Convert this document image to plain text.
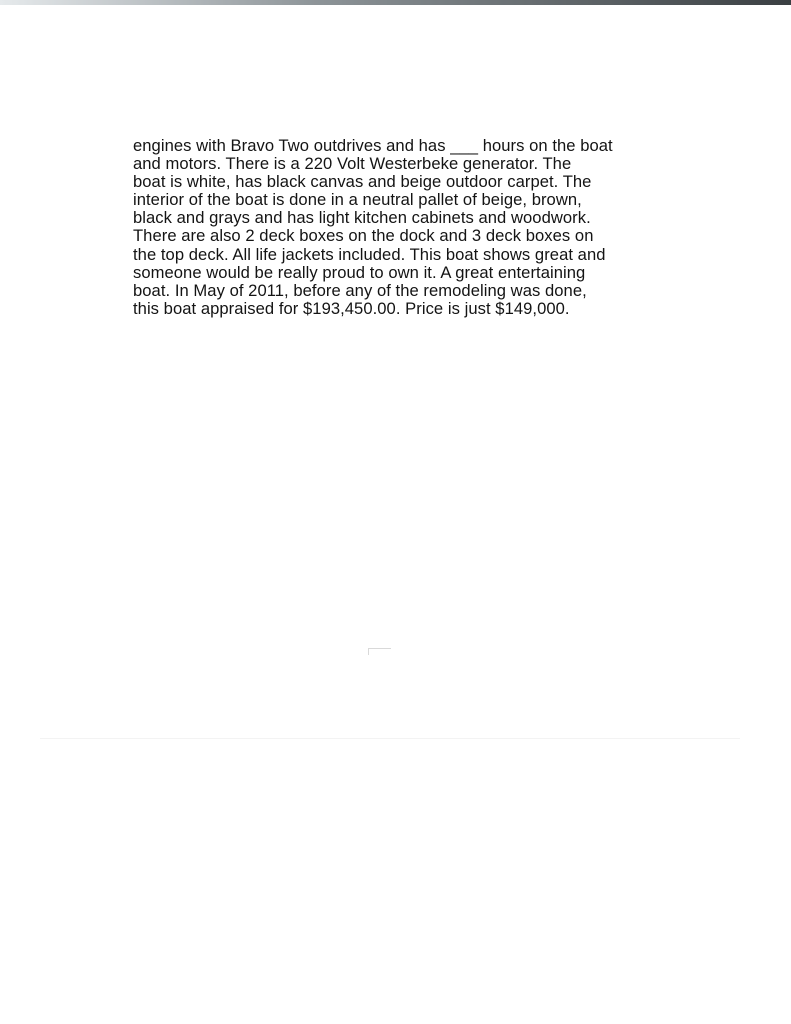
engines with Bravo Two outdrives and has ___ hours on the boat
and motors. There is a 220 Volt Westerbeke generator. The
boat is white, has black canvas and beige outdoor carpet. The
interior of the boat is done in a neutral pallet of beige, brown,
black and grays and has light kitchen cabinets and woodwork.
There are also 2 deck boxes on the dock and 3 deck boxes on
the top deck. All life jackets included. This boat shows great and
someone would be really proud to own it. A great entertaining
boat. In May of 2011, before any of the remodeling was done,
this boat appraised for $193,450.00. Price is just $149,000.
